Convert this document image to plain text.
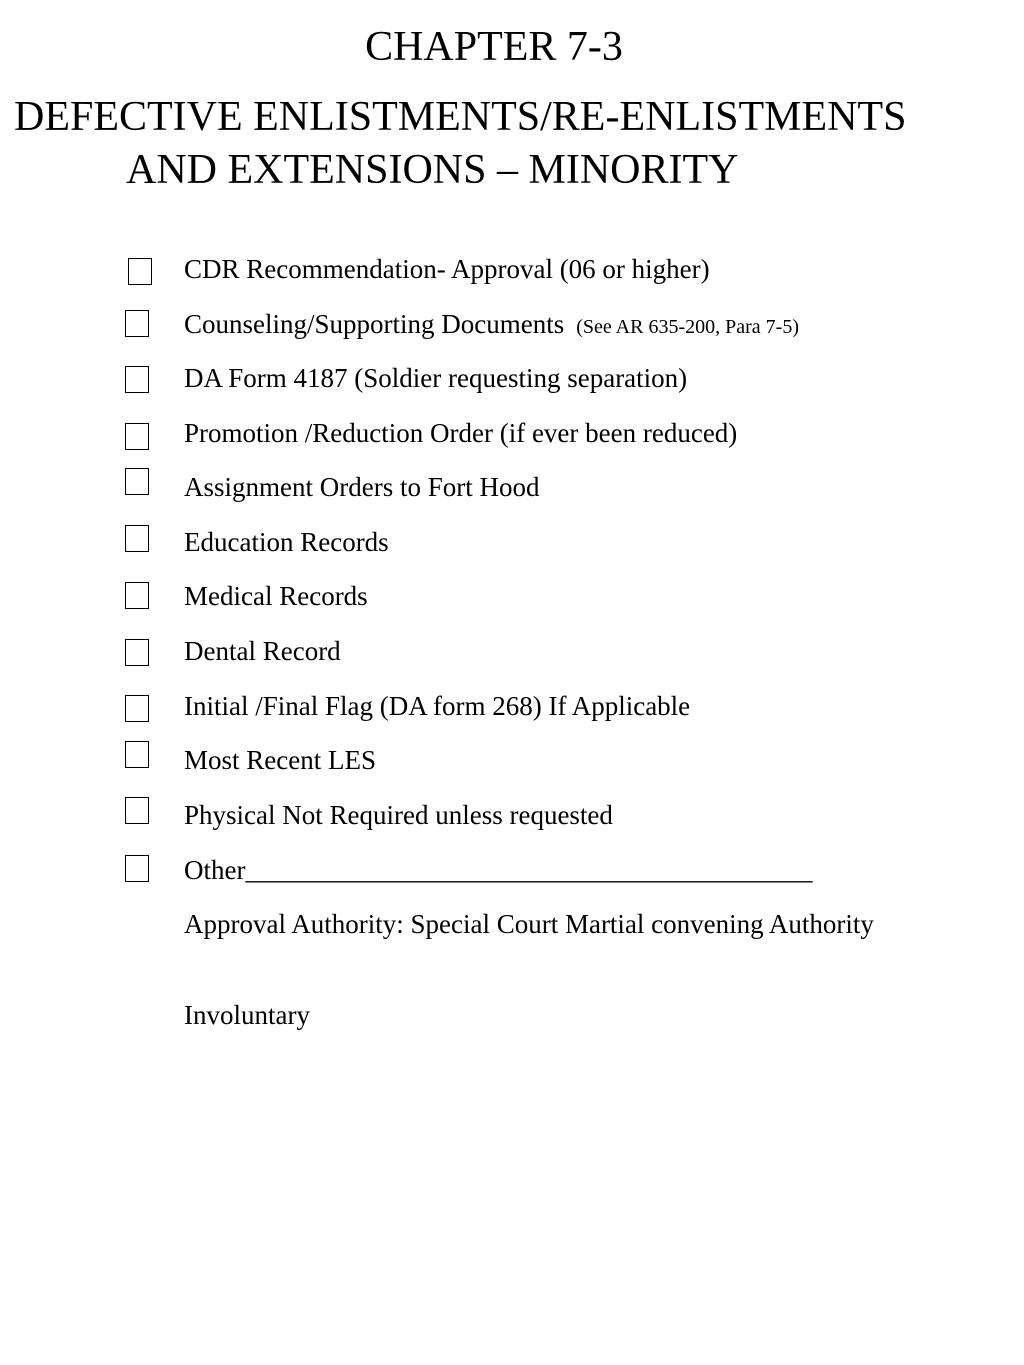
CHAPTER 7-3
DEFECTIVE ENLISTMENTS/RE-ENLISTMENTS
AND EXTENSIONS – MINORITY
CDR Recommendation- Approval (06 or higher)
Counseling/Supporting Documents (See AR 635-200, Para 7-5)
DA Form 4187 (Soldier requesting separation)
Promotion /Reduction Order (if ever been reduced)
Assignment Orders to Fort Hood
Education Records
Medical Records
Dental Record
Initial /Final Flag (DA form 268) If Applicable
Most Recent LES
Physical Not Required unless requested
Other__________________________________________
Approval Authority: Special Court Martial convening Authority
Involuntary
